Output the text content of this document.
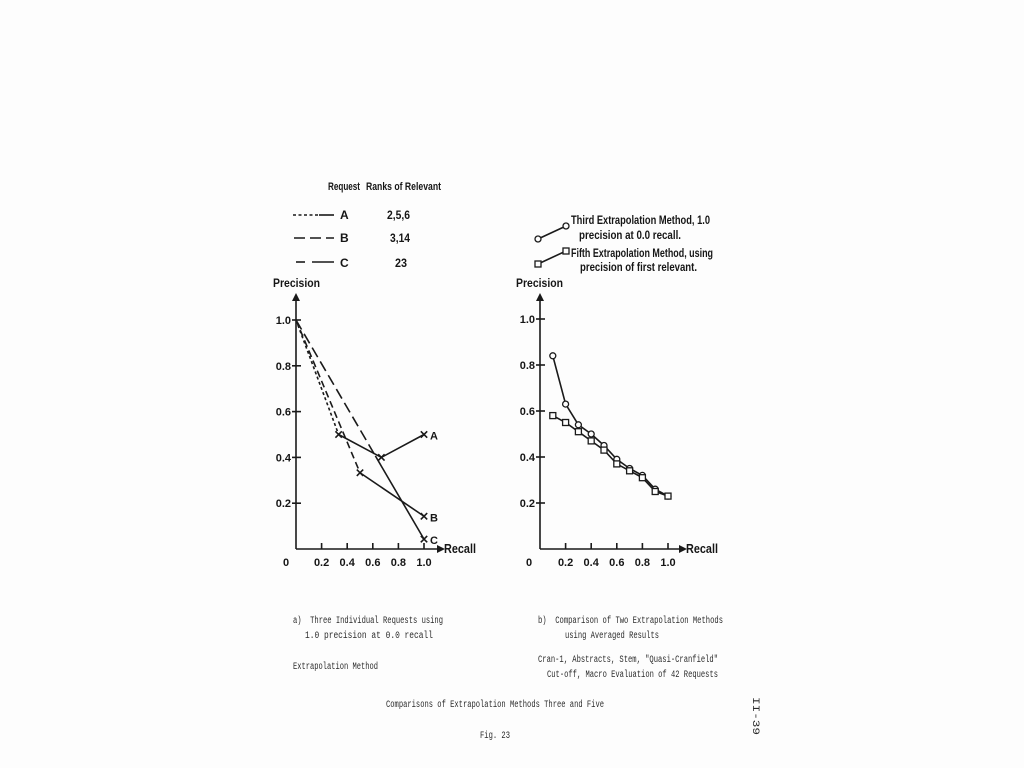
Request Ranks of Relevant
A	2,5,6
B	3,14
C	23
Third Extrapolation Method, 1.0
precision at 0.0 recall.
Fifth Extrapolation Method, using
precision of first relevant.
Precision
Recall
1.0
0.8
0.6
0.4
0.2
0 0.2 0.4 0.6 0.8 1.0
A
B
C
Precision
Recall
1.0
0.8
0.6
0.4
0.2
0 0.2 0.4 0.6 0.8 1.0
a)  Three Individual Requests using
1.0 precision at 0.0 recall
Extrapolation Method
b)  Comparison of Two Extrapolation Methods
using Averaged Results
Cran-1, Abstracts, Stem, "Quasi-Cranfield"
Cut-off, Macro Evaluation of 42 Requests
Comparisons of Extrapolation Methods Three and Five
Fig. 23
II-39
